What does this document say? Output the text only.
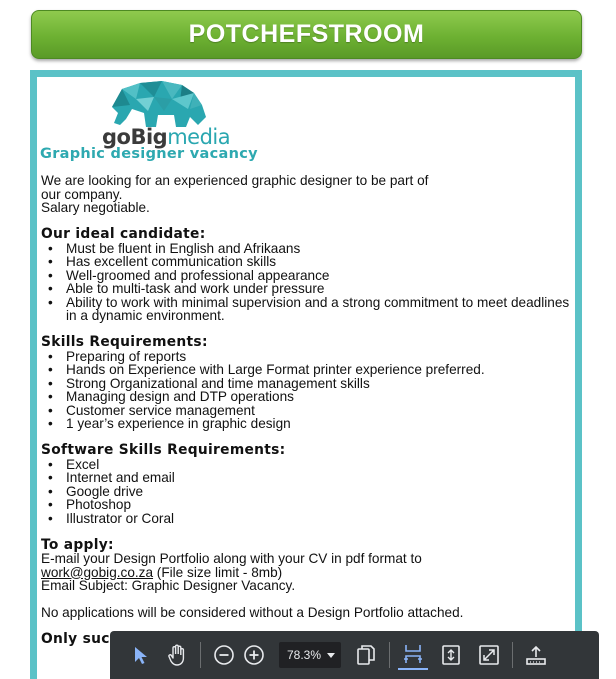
POTCHEFSTROOM
goBigmedia
Graphic designer vacancy

We are looking for an experienced graphic designer to be part of

our company.

Salary negotiable.

Our ideal candidate:
• Must be fluent in English and Afrikaans
• Has excellent communication skills
• Well-groomed and professional appearance
• Able to multi-task and work under pressure
• Ability to work with minimal supervision and a strong commitment to meet deadlines in a dynamic environment.
Skills Requirements:
• Preparing of reports
• Hands on Experience with Large Format printer experience preferred.
• Strong Organizational and time management skills
• Managing design and DTP operations
• Customer service management
• 1 year’s experience in graphic design
Software Skills Requirements:
• Excel
• Internet and email
• Google drive
• Photoshop
• Illustrator or Coral
To apply:

E-mail your Design Portfolio along with your CV in pdf format to

work@gobig.co.za (File size limit - 8mb)

Email Subject: Graphic Designer Vacancy.

No applications will be considered without a Design Portfolio attached.

Only suc
78.3%
